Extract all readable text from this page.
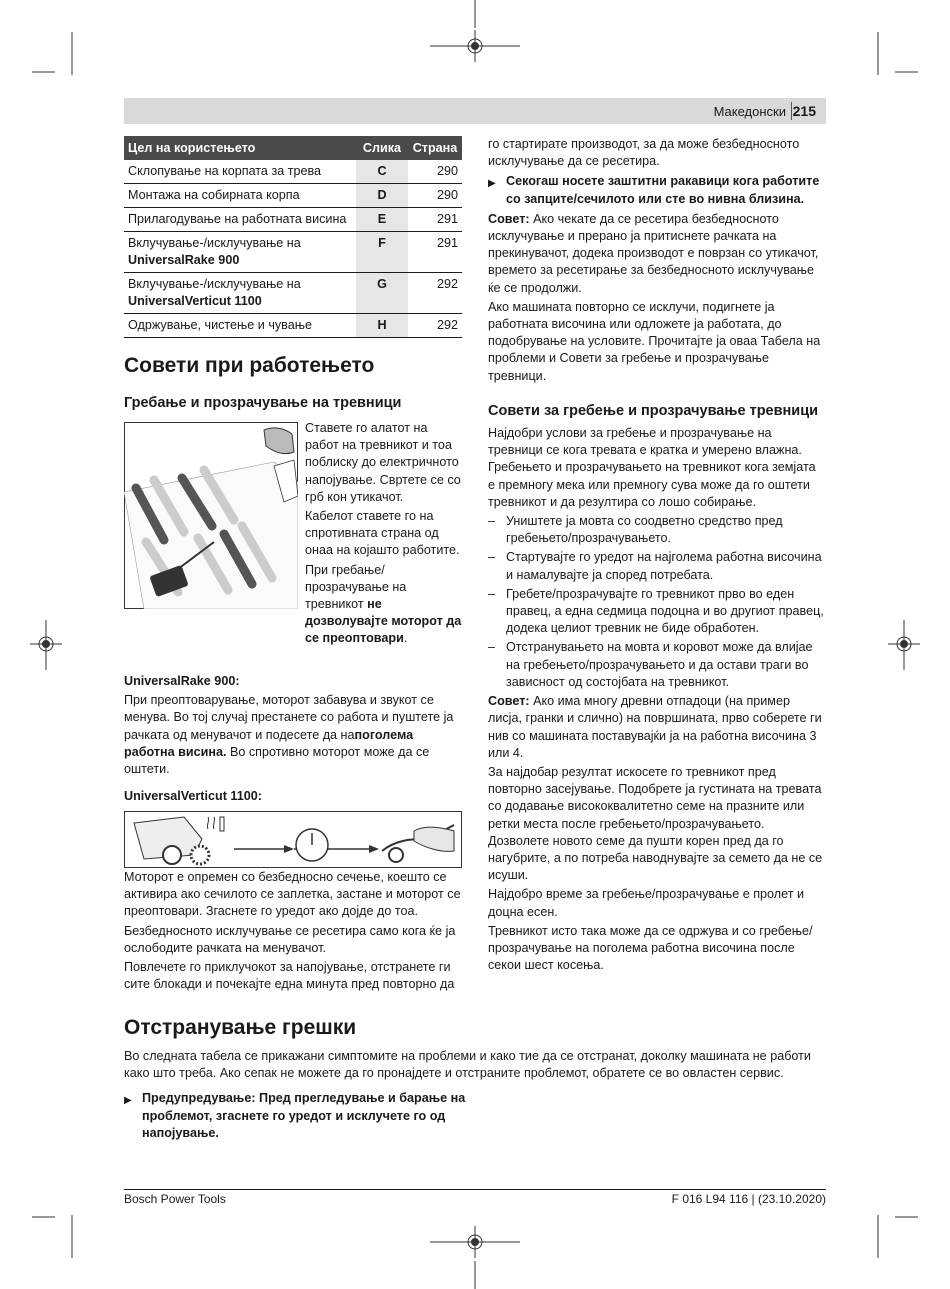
Македонски 215
Цел на користењето	Слика	Страна
Склопување на корпата за трева	C	290
Монтажа на собирната корпа	D	290
Прилагодување на работната висина	E	291
Вклучување-/исклучување на
UniversalRake 900	F	291
Вклучување-/исклучување на
UniversalVerticut 1100	G	292
Одржување, чистење и чување	H	292
Совети при работењето
Гребање и прозрачување на тревници

Ставете го алатот на работ на тревникот и тоа поблиску до електричното напојување. Свртете се со грб кон утикачот.

Кабелот ставете го на спротивната страна од онаа на којашто работите.

При гребање/ прозрачување на тревникот не дозволувајте моторот да се преоптовари.

UniversalRake 900:

При преоптоварување, моторот забавува и звукот се менува. Во тој случај престанете со работа и пуштете ја рачката од менувачот и подесете да напоголема работна висина. Во спротивно моторот може да се оштети.

UniversalVerticut 1100:

Моторот е опремен со безбедносно сечење, коешто се активира ако сечилото се заплетка, застане и моторот се преоптовари. Згаснете го уредот ако дојде до тоа.

Безбедносното исклучување се ресетира само кога ќе ја ослободите рачката на менувачот.

Повлечете го приклучокот за напојување, отстранете ги сите блокади и почекајте една минута пред повторно да

го стартирате производот, за да може безбедносното исклучување да се ресетира.

▶ Секогаш носете заштитни ракавици кога работите со запците/сечилото или сте во нивна близина.

Совет: Ако чекате да се ресетира безбедносното исклучување и прерано ја притиснете рачката на прекинувачот, додека производот е поврзан со утикачот, времето за ресетирање за безбедносното исклучување ќе се продолжи.

Ако машината повторно се исклучи, подигнете ја работната височина или одложете ја работата, до подобрување на условите. Прочитајте ја оваа Табела на проблеми и Совети за гребење и прозрачување тревници.

Совети за гребење и прозрачување тревници

Најдобри услови за гребење и прозрачување на тревници се кога тревата е кратка и умерено влажна. Гребењето и прозрачувањето на тревникот кога земјата е премногу мека или премногу сува може да го оштети тревникот и да резултира со лошо собирање.

– Уништете ја мовта со соодветно средство пред гребењето/прозрачувањето.

– Стартувајте го уредот на најголема работна височина и намалувајте ја според потребата.

– Гребете/прозрачувајте го тревникот прво во еден правец, а една седмица подоцна и во другиот правец, додека целиот тревник не биде обработен.

– Отстранувањето на мовта и коровот може да влијае на гребењето/прозрачувањето и да остави траги во зависност од состојбата на тревникот.

Совет: Ако има многу древни отпадоци (на пример лисја, гранки и слично) на површината, прво соберете ги нив со машината поставувајќи ја на работна височина 3 или 4.

За најдобар резултат искосете го тревникот пред повторно засејување. Подобрете ја густината на тревата со додавање висококвалитетно семе на празните или ретки места после гребењето/прозрачувањето. Дозволете новото семе да пушти корен пред да го нагубрите, а по потреба наводнувајте за семето да не се исуши.

Најдобро време за гребење/прозрачување е пролет и доцна есен.

Тревникот исто така може да се одржува и со гребење/ прозрачување на поголема работна височина после секои шест косења.

Отстранување грешки

Во следната табела се прикажани симптомите на проблеми и како тие да се отстранат, доколку машината не работи како што треба. Ако сепак не можете да го пронајдете и отстраните проблемот, обратете се во овластен сервис.

▶ Предупредување: Пред прегледување и барање на проблемот, згаснете го уредот и исклучете го од напојување.

Bosch Power Tools	F 016 L94 116 | (23.10.2020)
